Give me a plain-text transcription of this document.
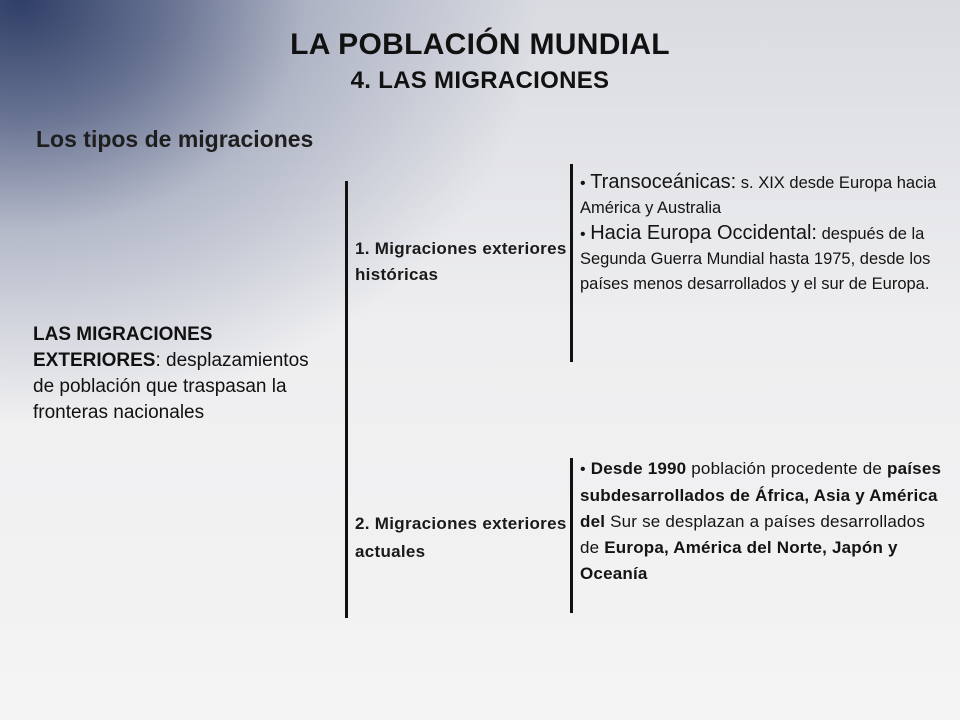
LA POBLACIÓN MUNDIAL
4. LAS MIGRACIONES
Los tipos de migraciones
LAS MIGRACIONES EXTERIORES: desplazamientos de población que traspasan la fronteras nacionales
1. Migraciones exteriores históricas
2. Migraciones exteriores actuales
• Transoceánicas: s. XIX desde Europa hacia América y Australia
• Hacia Europa Occidental: después de la Segunda Guerra Mundial hasta 1975, desde los países menos desarrollados y el sur de Europa.
• Desde 1990 población procedente de países subdesarrollados de África, Asia y América del Sur se desplazan a países desarrollados de Europa, América del Norte, Japón y Oceanía
